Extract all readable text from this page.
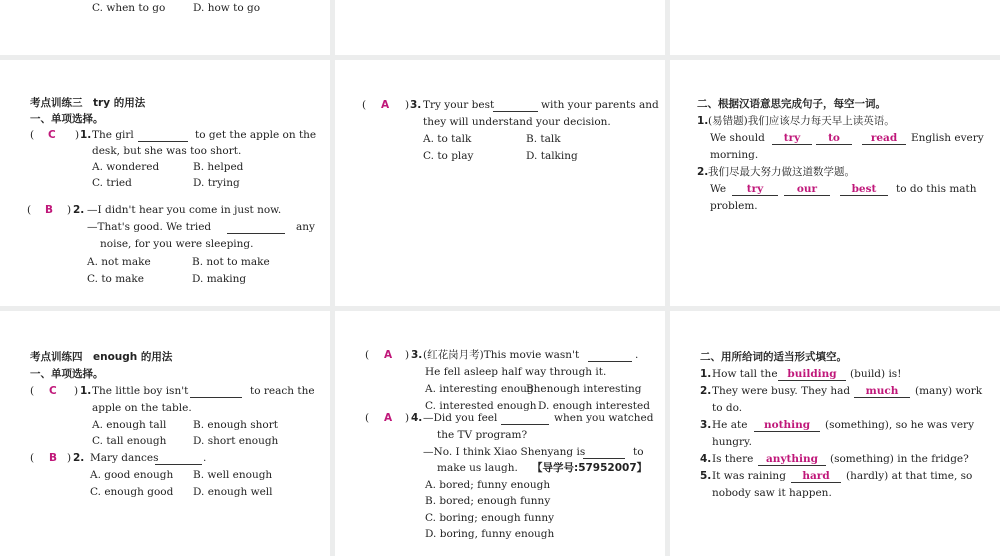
C. when to go	D. how to go
考点训练三　try 的用法
一、单项选择。
( C ) 1. The girl
	to get the apple on the
desk, but she was too short.
A. wondered	B. helped
C. tried	D. trying
( B ) 2. —I didn't hear you come in just now.
—That's good. We tried
	any
noise, for you were sleeping.
A. not make	B. not to make
C. to make	D. making
( A ) 3. Try your best
	with your parents and
they will understand your decision.
A. to talk	B. talk
C. to play	D. talking
二、根据汉语意思完成句子，每空一词。
1. (易错题)我们应该尽力每天早上读英语。
We should	try	to	read	English every
morning.
2. 我们尽最大努力做这道数学题。
We	try	our	best	to do this math
problem.
考点训练四　enough 的用法
一、单项选择。
( C ) 1. The little boy isn't
	to reach the
apple on the table.
A. enough tall	B. enough short
C. tall enough	D. short enough
( B ) 2. Mary dances
	.
A. good enough B. well enough
C. enough good D. enough well
( A ) 3. (红花岗月考)This movie wasn't
	.
He fell asleep half way through it.
A. interesting enough
B. enough interesting
C. interested enough D. enough interested
( A ) 4. —Did you feel
	when you watched
the TV program?
—No. I think Xiao Shenyang is
	to
make us laugh. 【导学号:57952007】
A. bored; funny enough
B. bored; enough funny
C. boring; enough funny
D. boring, funny enough
二、用所给词的适当形式填空。
1. How tall the building	(build) is!
2. They were busy. They had	much	(many) work
to do.
3. He ate	nothing	(something), so he was very
hungry.
4. Is there	anything	(something) in the fridge?
5. It was raining	hard	(hardly) at that time, so
nobody saw it happen.
